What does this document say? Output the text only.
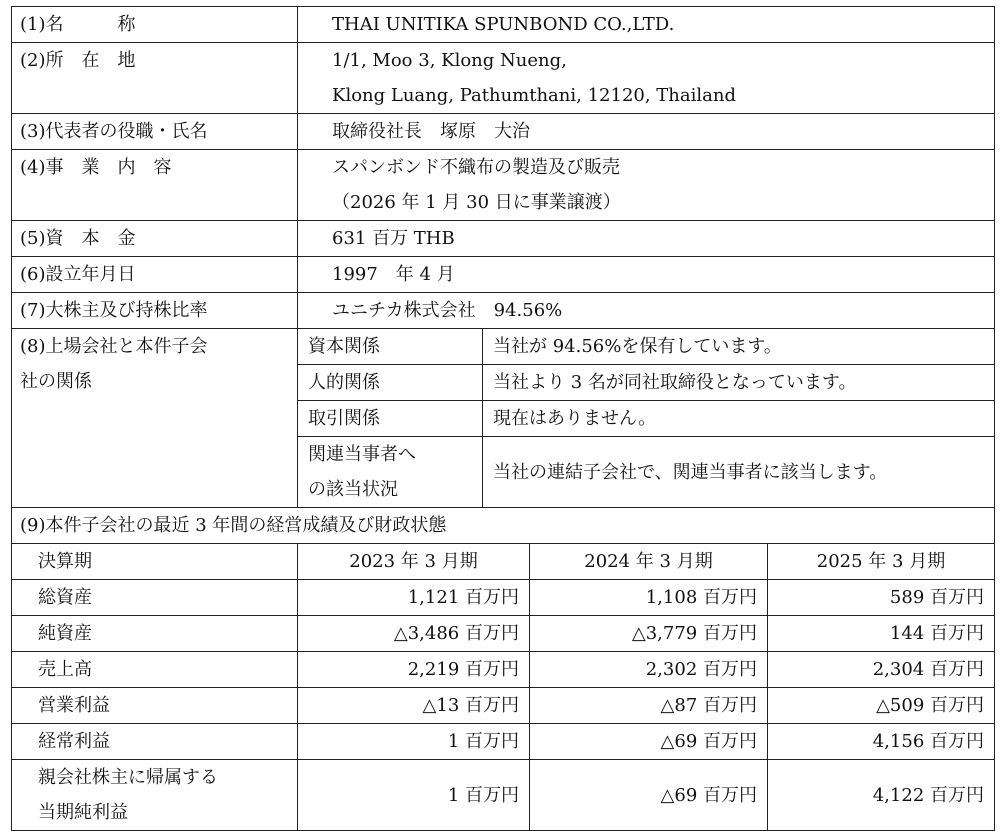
(1)名　　　称	THAI UNITIKA SPUNBOND CO.,LTD.			
(2)所　在　地	1/1, Moo 3, Klong Nueng,
Klong Luang, Pathumthani, 12120, Thailand			

(3)代表者の役職・氏名	取締役社長　塚原　大治			
(4)事　業　内　容	スパンボンド不織布の製造及び販売
（2026 年 1 月 30 日に事業譲渡）			

(5)資　本　金	631 百万 THB			
(6)設立年月日	1997　年 4 月			
(7)大株主及び持株比率	ユニチカ株式会社　94.56%			

(8)上場会社と本件子会
社の関係	資本関係	当社が 94.56%を保有しています。		
	人的関係	当社より 3 名が同社取締役となっています。		
	取引関係	現在はありません。		

	関連当事者へ
の該当状況	当社の連結子会社で、関連当事者に該当します。		
(9)本件子会社の最近 3 年間の経営成績及び財政状態				
決算期	2023 年 3 月期		2024 年 3 月期	2025 年 3 月期
総資産	1,121 百万円		1,108 百万円	589 百万円
純資産	△3,486 百万円		△3,779 百万円	144 百万円
売上高	2,219 百万円		2,302 百万円	2,304 百万円
営業利益	△13 百万円		△87 百万円	△509 百万円
経常利益	1 百万円		△69 百万円	4,156 百万円

親会社株主に帰属する
当期純利益	1 百万円		△69 百万円	4,122 百万円
